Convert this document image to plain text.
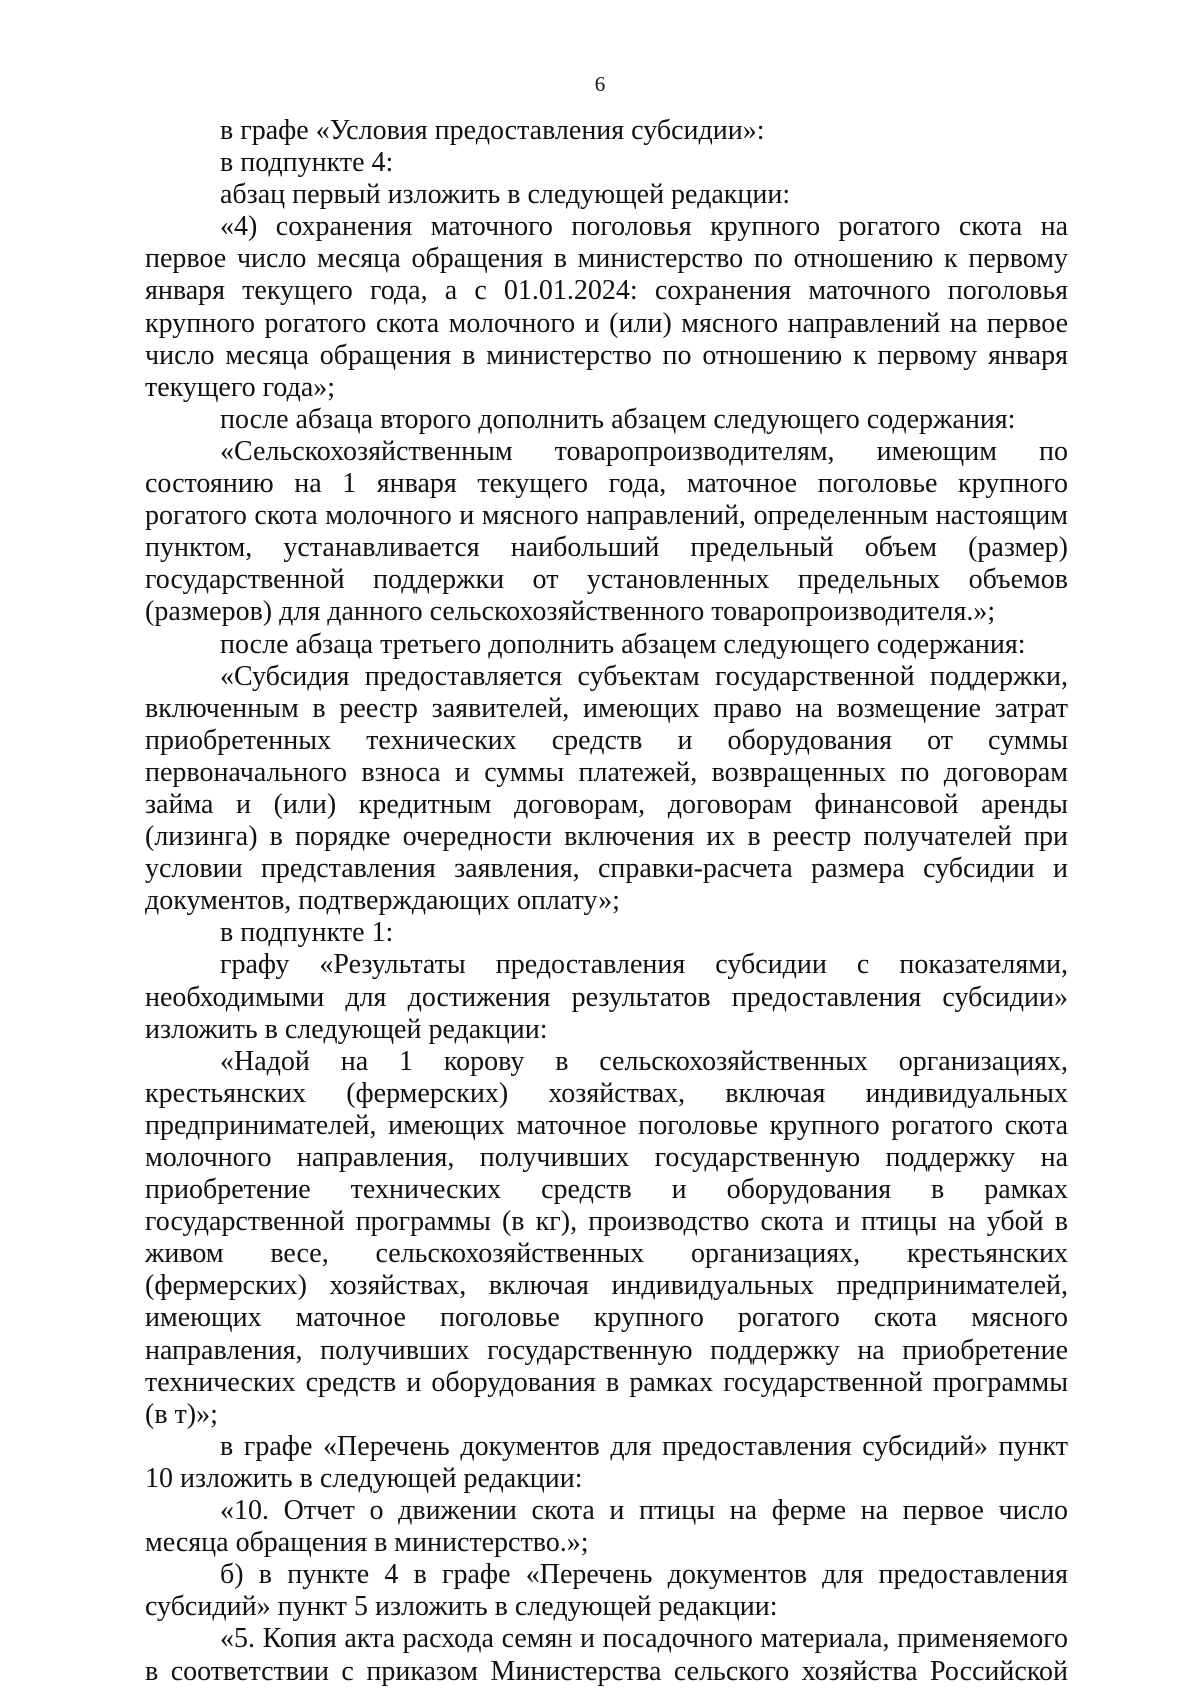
6

в графе «Условия предоставления субсидии»:

в подпункте 4:

абзац первый изложить в следующей редакции:

«4) сохранения маточного поголовья крупного рогатого скота на первое число месяца обращения в министерство по отношению к первому января текущего года, а с 01.01.2024: сохранения маточного поголовья крупного рогатого скота молочного и (или) мясного направлений на первое число месяца обращения в министерство по отношению к первому января текущего года»;

после абзаца второго дополнить абзацем следующего содержания:

«Сельскохозяйственным товаропроизводителям, имеющим по состоянию на 1 января текущего года, маточное поголовье крупного рогатого скота молочного и мясного направлений, определенным настоящим пунктом, устанавливается наибольший предельный объем (размер) государственной поддержки от установленных предельных объемов (размеров) для данного сельскохозяйственного товаропроизводителя.»;

после абзаца третьего дополнить абзацем следующего содержания:

«Субсидия предоставляется субъектам государственной поддержки, включенным в реестр заявителей, имеющих право на возмещение затрат приобретенных технических средств и оборудования от суммы первоначального взноса и суммы платежей, возвращенных по договорам займа и (или) кредитным договорам, договорам финансовой аренды (лизинга) в порядке очередности включения их в реестр получателей при условии представления заявления, справки-расчета размера субсидии и документов, подтверждающих оплату»;

в подпункте 1:

графу «Результаты предоставления субсидии с показателями, необходимыми для достижения результатов предоставления субсидии» изложить в следующей редакции:

«Надой на 1 корову в сельскохозяйственных организациях, крестьянских (фермерских) хозяйствах, включая индивидуальных предпринимателей, имеющих маточное поголовье крупного рогатого скота молочного направления, получивших государственную поддержку на приобретение технических средств и оборудования в рамках государственной программы (в кг), производство скота и птицы на убой в живом весе, сельскохозяйственных организациях, крестьянских (фермерских) хозяйствах, включая индивидуальных предпринимателей, имеющих маточное поголовье крупного рогатого скота мясного направления, получивших государственную поддержку на приобретение технических средств и оборудования в рамках государственной программы (в т)»;

в графе «Перечень документов для предоставления субсидий» пункт 10 изложить в следующей редакции:

«10. Отчет о движении скота и птицы на ферме на первое число месяца обращения в министерство.»;

б) в пункте 4 в графе «Перечень документов для предоставления субсидий» пункт 5 изложить в следующей редакции:

«5. Копия акта расхода семян и посадочного материала, применяемого в соответствии с приказом Министерства сельского хозяйства Российской
